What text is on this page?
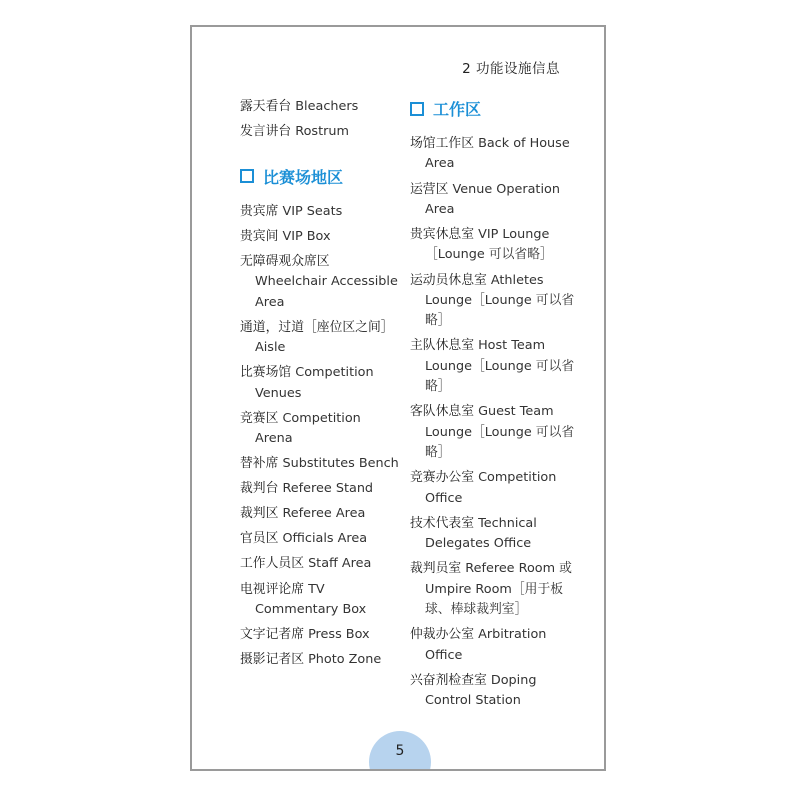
2 功能设施信息
露天看台 Bleachers
发言讲台 Rostrum
比赛场地区
贵宾席 VIP Seats
贵宾间 VIP Box
无障碍观众席区
Wheelchair Accessible Area
通道，过道［座位区之间］
Aisle
比赛场馆 Competition Venues
竞赛区 Competition Arena
替补席 Substitutes Bench
裁判台 Referee Stand
裁判区 Referee Area
官员区 Officials Area
工作人员区 Staff Area
电视评论席 TV Commentary Box
文字记者席 Press Box
摄影记者区 Photo Zone
工作区
场馆工作区 Back of House Area
运营区 Venue Operation Area
贵宾休息室 VIP Lounge［Lounge 可以省略］
运动员休息室 Athletes Lounge［Lounge 可以省略］
主队休息室 Host Team Lounge［Lounge 可以省略］
客队休息室 Guest Team Lounge［Lounge 可以省略］
竞赛办公室 Competition Office
技术代表室 Technical Delegates Office
裁判员室 Referee Room 或 Umpire Room［用于板球、棒球裁判室］
仲裁办公室 Arbitration Office
兴奋剂检查室 Doping Control Station
5
